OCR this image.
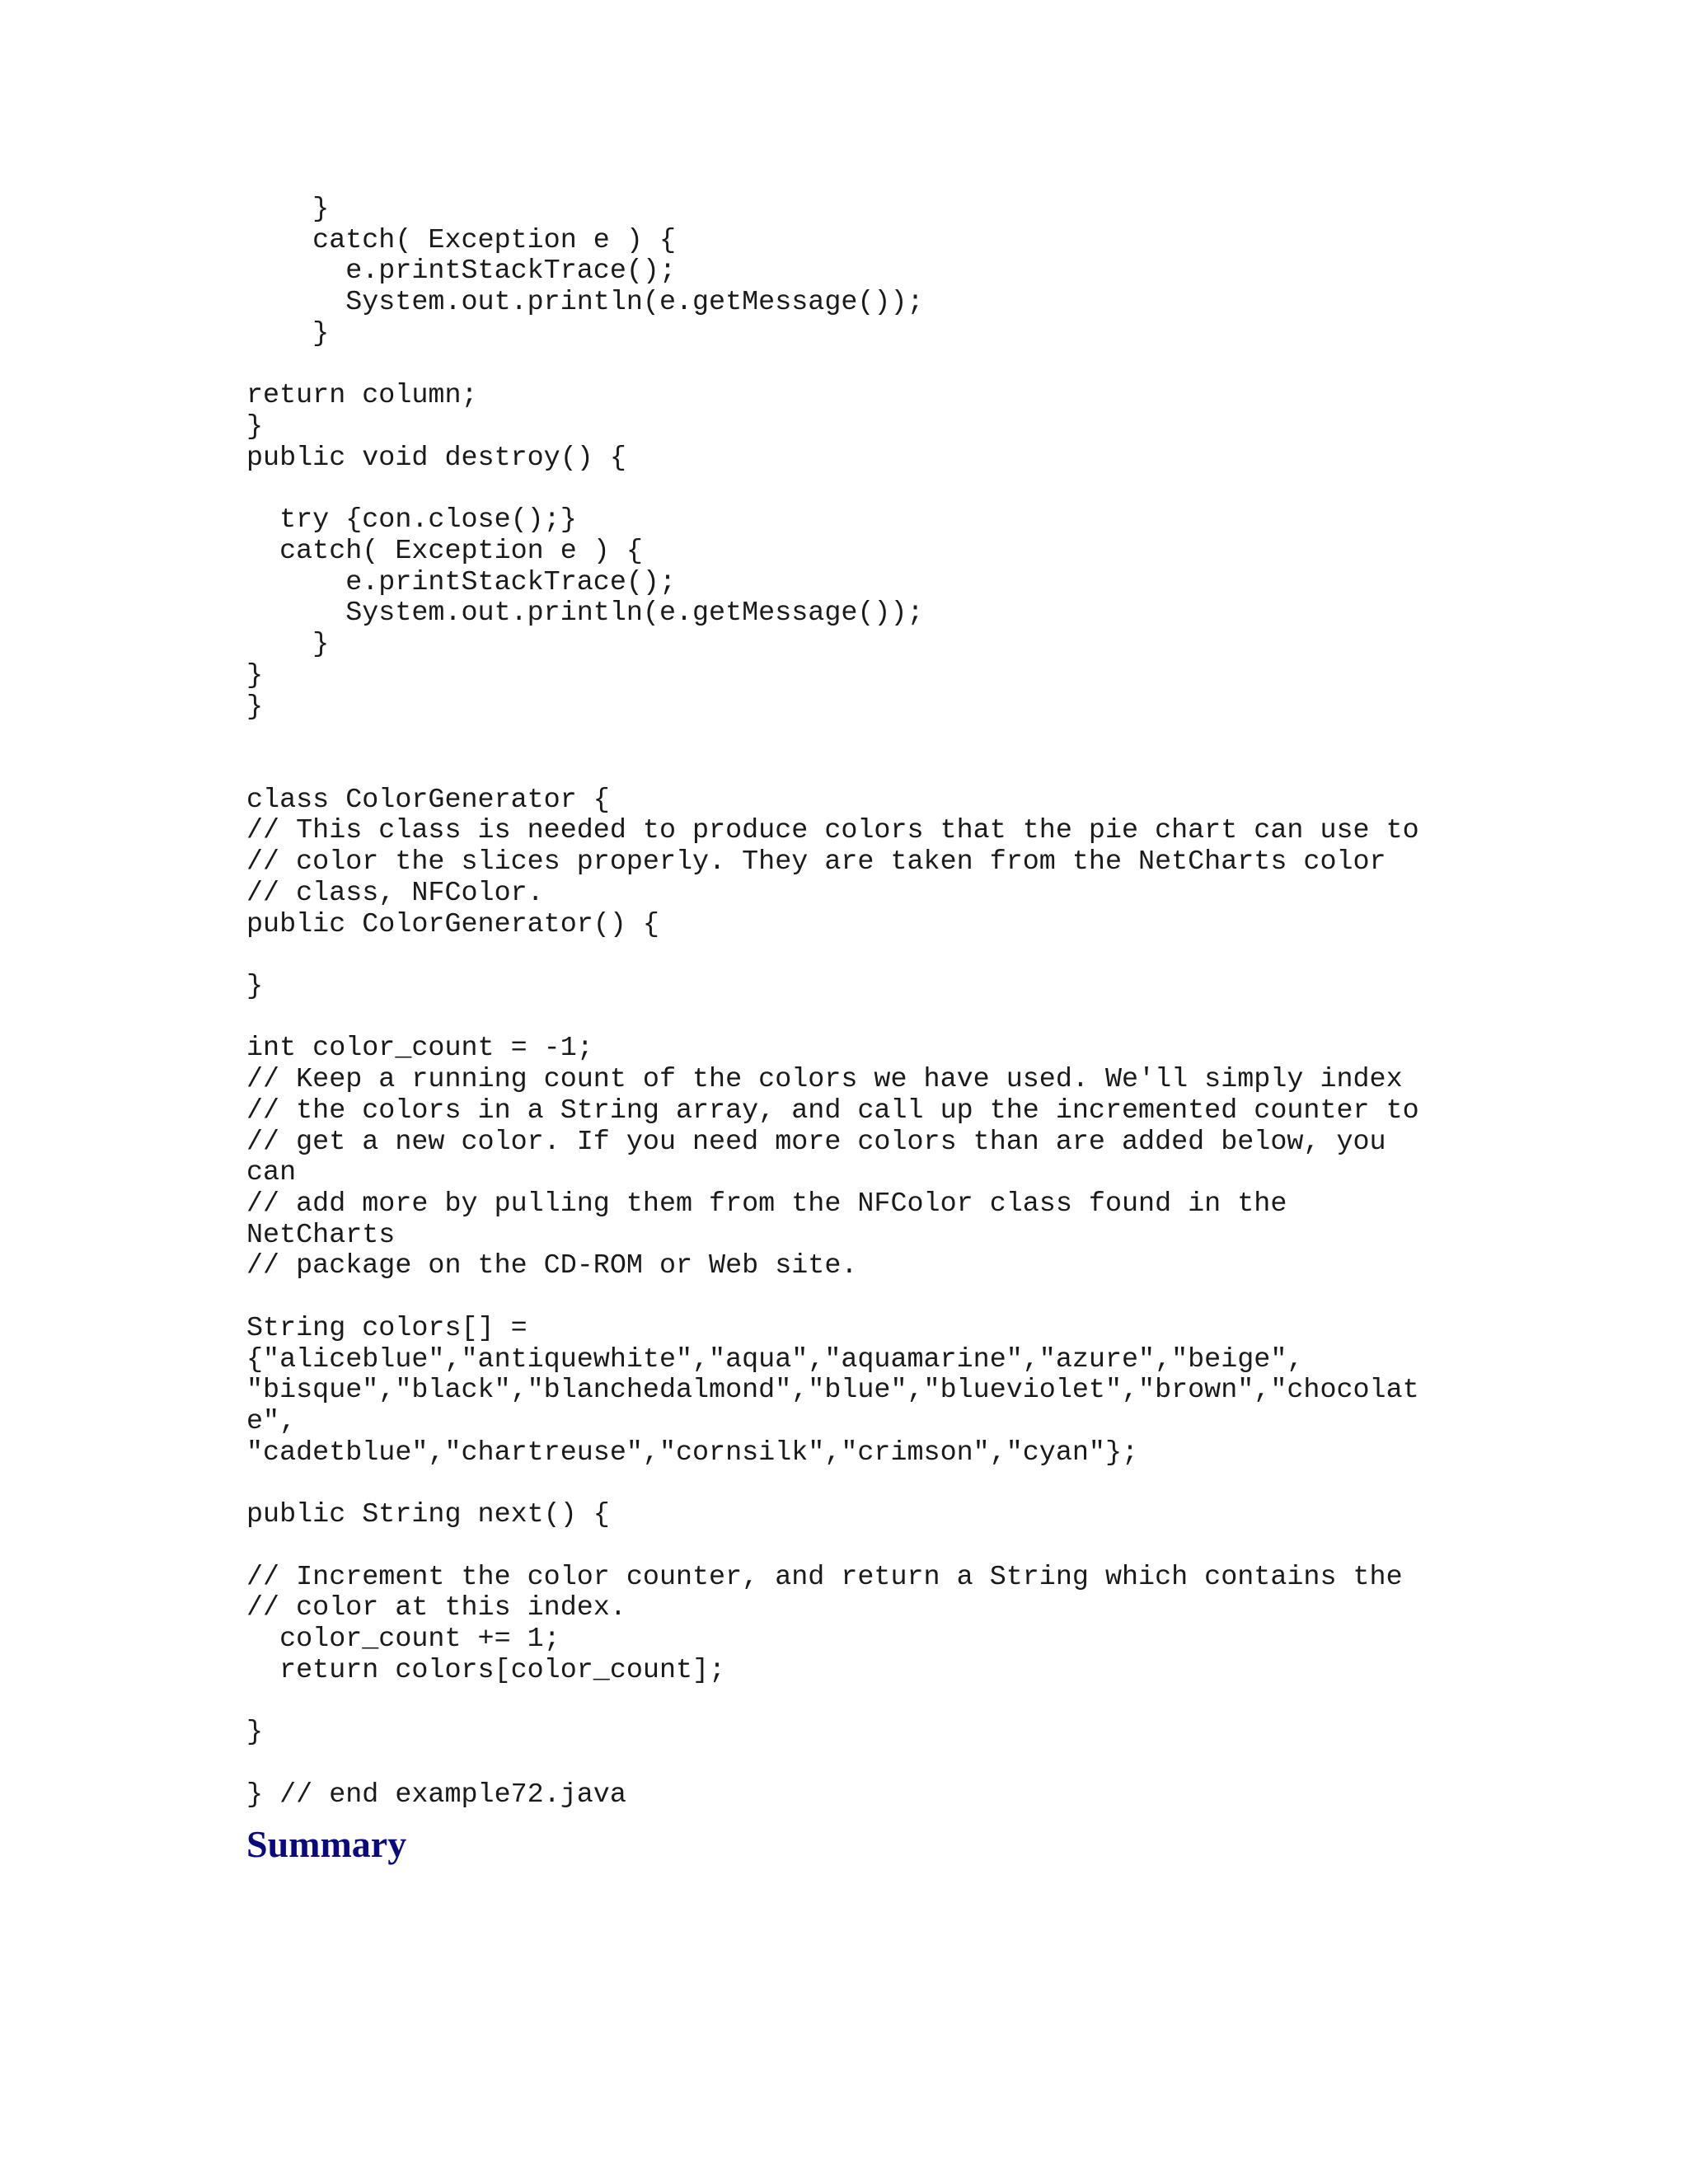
}
catch( Exception e ) {
e.printStackTrace();
System.out.println(e.getMessage());
}
return column;
}
public void destroy() {
try {con.close();}
catch( Exception e ) {
e.printStackTrace();
System.out.println(e.getMessage());
}
}
}
class ColorGenerator {
// This class is needed to produce colors that the pie chart can use to
// color the slices properly. They are taken from the NetCharts color
// class, NFColor.
public ColorGenerator() {
}
int color_count = -1;
// Keep a running count of the colors we have used. We'll simply index
// the colors in a String array, and call up the incremented counter to
// get a new color. If you need more colors than are added below, you
can
// add more by pulling them from the NFColor class found in the
NetCharts
// package on the CD-ROM or Web site.
String colors[] =
{"aliceblue","antiquewhite","aqua","aquamarine","azure","beige",
"bisque","black","blanchedalmond","blue","blueviolet","brown","chocolat
e",
"cadetblue","chartreuse","cornsilk","crimson","cyan"};
public String next() {
// Increment the color counter, and return a String which contains the
// color at this index.
color_count += 1;
return colors[color_count];
}
} // end example72.java
Summary
